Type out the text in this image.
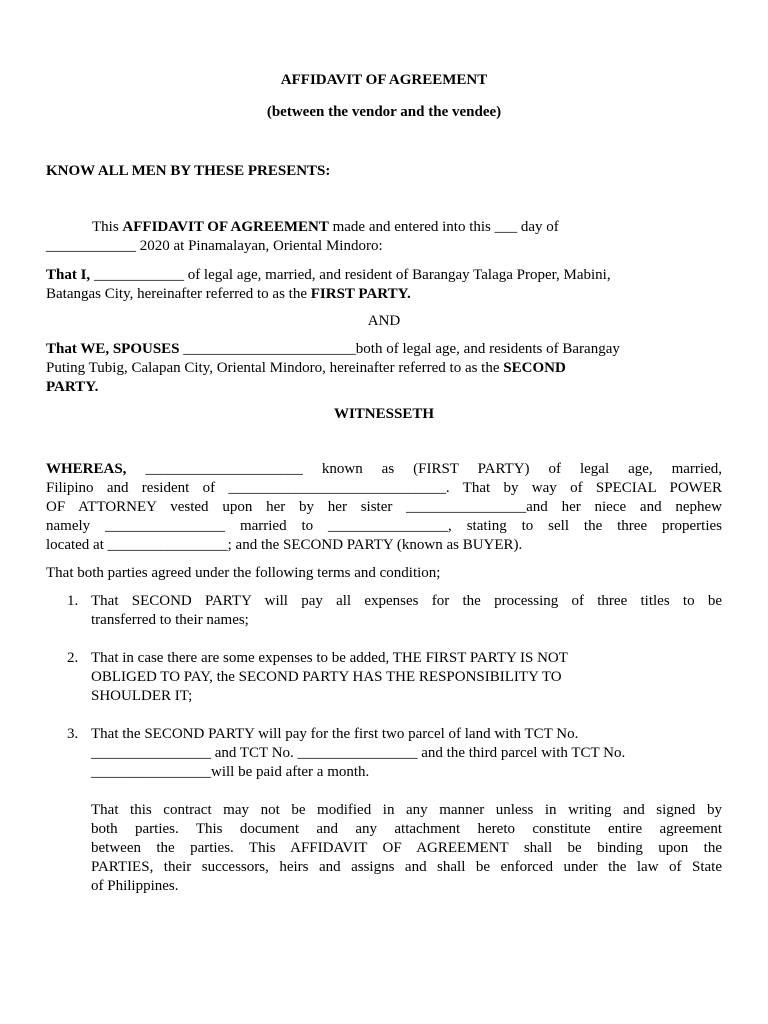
AFFIDAVIT OF AGREEMENT
(between the vendor and the vendee)
KNOW ALL MEN BY THESE PRESENTS:
This AFFIDAVIT OF AGREEMENT made and entered into this ___ day of
____________ 2020 at Pinamalayan, Oriental Mindoro:
That I, ____________ of legal age, married, and resident of Barangay Talaga Proper, Mabini,
Batangas City, hereinafter referred to as the FIRST PARTY.
AND
That WE, SPOUSES _______________________both of legal age, and residents of Barangay
Puting Tubig, Calapan City, Oriental Mindoro, hereinafter referred to as the SECOND
PARTY.
WITNESSETH
WHEREAS, _____________________ known as (FIRST PARTY) of legal age, married,
Filipino and resident of _____________________________. That by way of SPECIAL POWER
OF ATTORNEY vested upon her by her sister ________________and her niece and nephew
namely ________________ married to ________________, stating to sell the three properties
located at ________________; and the SECOND PARTY (known as BUYER).
That both parties agreed under the following terms and condition;
1. That SECOND PARTY will pay all expenses for the processing of three titles to be
transferred to their names;
2. That in case there are some expenses to be added, THE FIRST PARTY IS NOT
OBLIGED TO PAY, the SECOND PARTY HAS THE RESPONSIBILITY TO
SHOULDER IT;
3. That the SECOND PARTY will pay for the first two parcel of land with TCT No.
________________ and TCT No. ________________ and the third parcel with TCT No.
________________will be paid after a month.
That this contract may not be modified in any manner unless in writing and signed by
both parties. This document and any attachment hereto constitute entire agreement
between the parties. This AFFIDAVIT OF AGREEMENT shall be binding upon the
PARTIES, their successors, heirs and assigns and shall be enforced under the law of State
of Philippines.
